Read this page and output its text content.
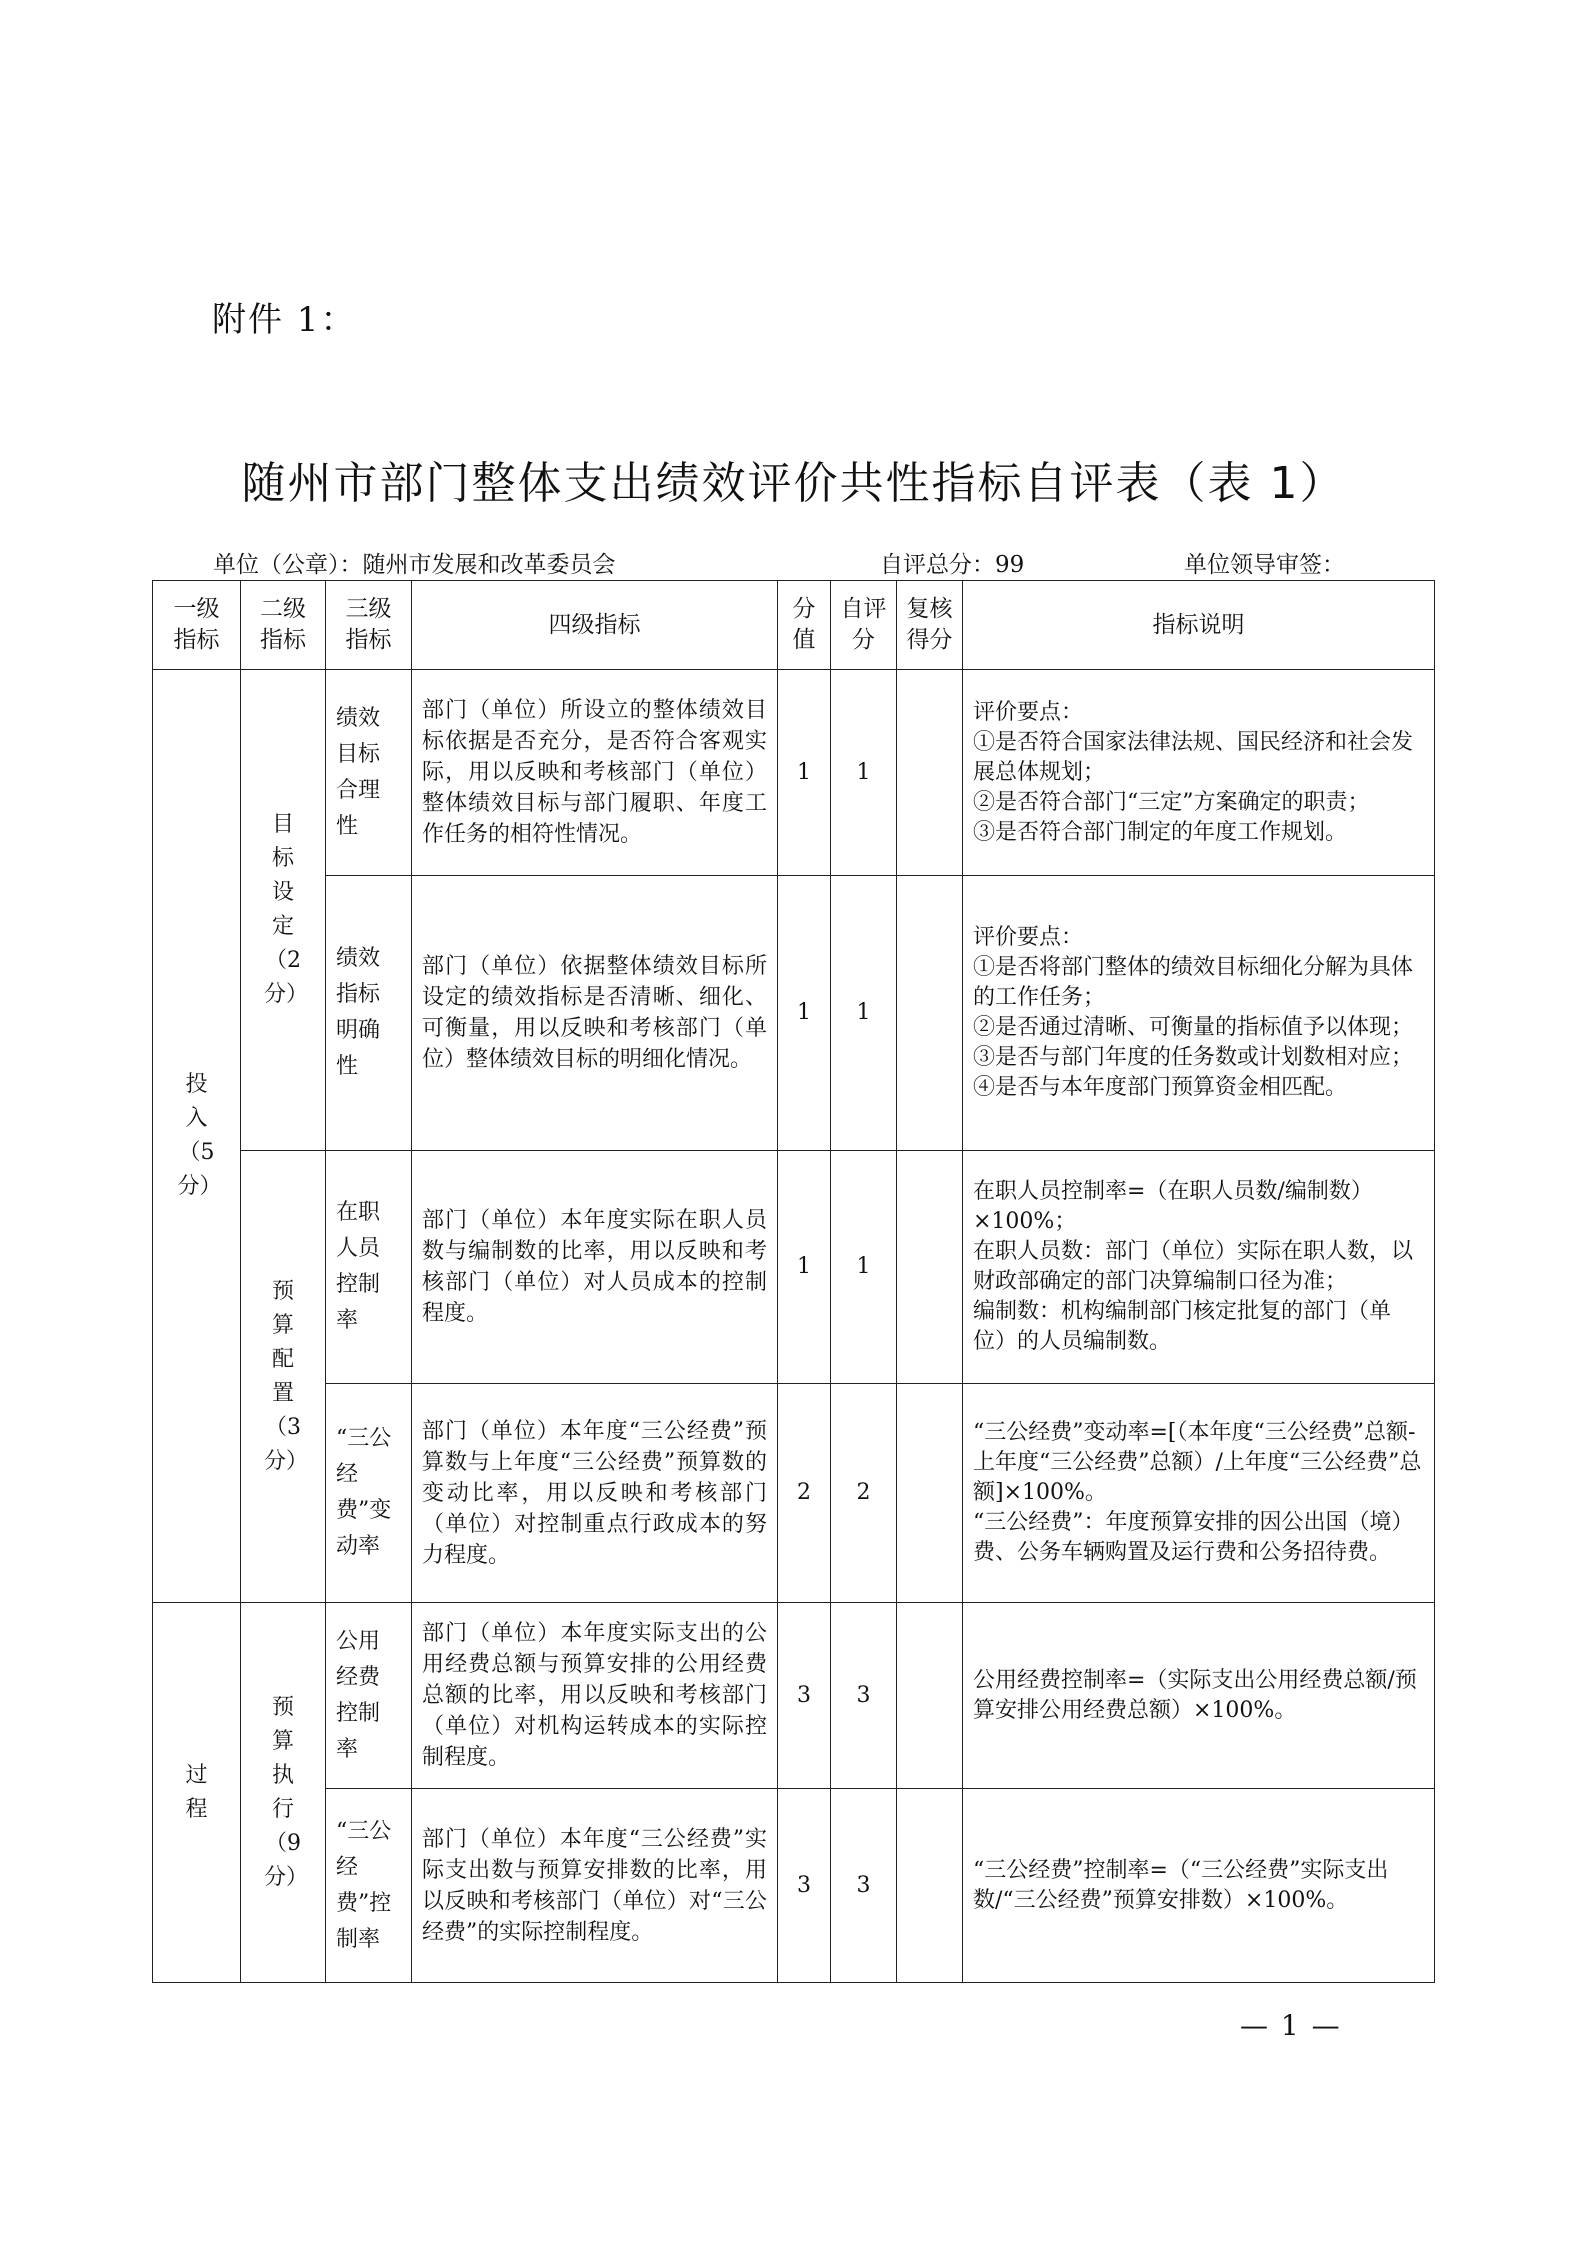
附件 1：
随州市部门整体支出绩效评价共性指标自评表（表 1）
单位（公章）：随州市发展和改革委员会	自评总分：99	单位领导审签：
一级指标	二级指标	三级指标	四级指标	分值	自评分	复核得分	指标说明
投入（5分）	目标设定（2分）	绩效目标合理性	部门（单位）所设立的整体绩效目标依据是否充分，是否符合客观实际，用以反映和考核部门（单位）整体绩效目标与部门履职、年度工作任务的相符性情况。	1	1		评价要点：
①是否符合国家法律法规、国民经济和社会发展总体规划；
②是否符合部门“三定”方案确定的职责；
③是否符合部门制定的年度工作规划。

		绩效指标明确性	部门（单位）依据整体绩效目标所设定的绩效指标是否清晰、细化、可衡量，用以反映和考核部门（单位）整体绩效目标的明细化情况。	1	1		评价要点：
①是否将部门整体的绩效目标细化分解为具体的工作任务；
②是否通过清晰、可衡量的指标值予以体现；
③是否与部门年度的任务数或计划数相对应；
④是否与本年度部门预算资金相匹配。

	预算配置（3分）	在职人员控制率	部门（单位）本年度实际在职人员数与编制数的比率，用以反映和考核部门（单位）对人员成本的控制程度。	1	1		在职人员控制率=（在职人员数/编制数）×100%；
在职人员数：部门（单位）实际在职人数，以财政部确定的部门决算编制口径为准；
编制数：机构编制部门核定批复的部门（单位）的人员编制数。

		“三公经费”变动率	部门（单位）本年度“三公经费”预算数与上年度“三公经费”预算数的变动比率，用以反映和考核部门（单位）对控制重点行政成本的努力程度。	2	2		“三公经费”变动率=[（本年度“三公经费”总额-上年度“三公经费”总额）/上年度“三公经费”总额]×100%。
“三公经费”：年度预算安排的因公出国（境）费、公务车辆购置及运行费和公务招待费。

过程	预算执行（9分）	公用经费控制率	部门（单位）本年度实际支出的公用经费总额与预算安排的公用经费总额的比率，用以反映和考核部门（单位）对机构运转成本的实际控制程度。	3	3		公用经费控制率=（实际支出公用经费总额/预算安排公用经费总额）×100%。

		“三公经费”控制率	部门（单位）本年度“三公经费”实际支出数与预算安排数的比率，用以反映和考核部门（单位）对“三公经费”的实际控制程度。	3	3		“三公经费”控制率=（“三公经费”实际支出数/“三公经费”预算安排数）×100%。
— 1 —
